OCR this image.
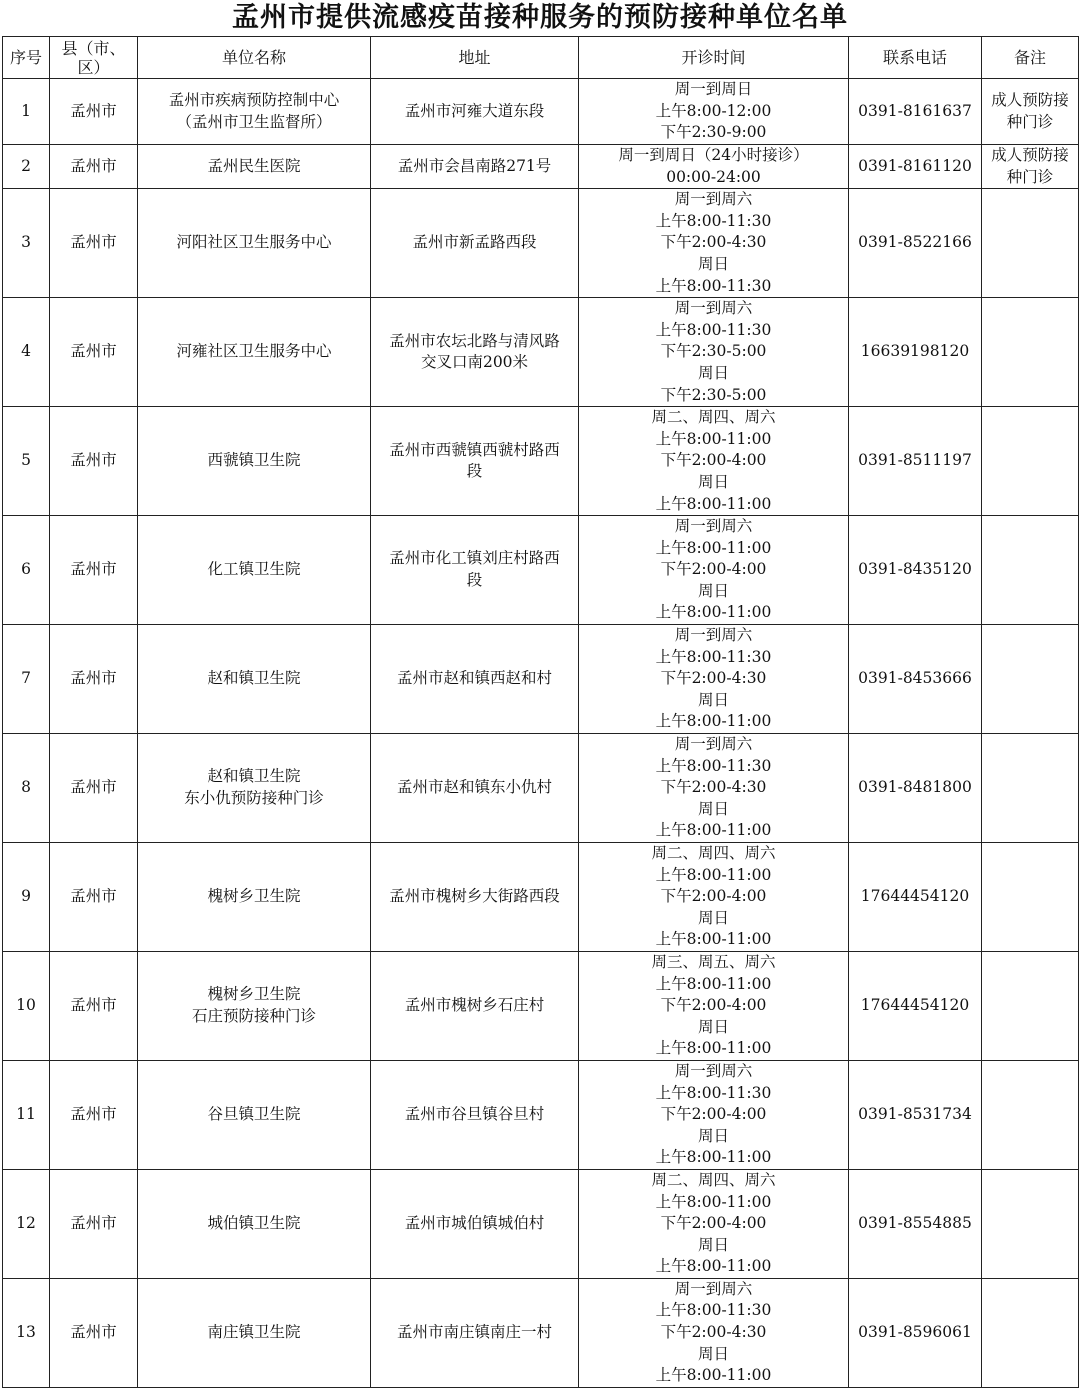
孟州市提供流感疫苗接种服务的预防接种单位名单
序号	县（市、区）	单位名称	地址	开诊时间	联系电话	备注
1	孟州市	孟州市疾病预防控制中心
（孟州市卫生监督所）	孟州市河雍大道东段	周一到周日
上午8:00-12:00
下午2:30-9:00	0391-8161637	成人预防接
种门诊
2	孟州市	孟州民生医院	孟州市会昌南路271号	周一到周日（24小时接诊）
00:00-24:00	0391-8161120	成人预防接
种门诊
3	孟州市	河阳社区卫生服务中心	孟州市新孟路西段	周一到周六
上午8:00-11:30
下午2:00-4:30
周日
上午8:00-11:30	0391-8522166	
4	孟州市	河雍社区卫生服务中心	孟州市农坛北路与清风路
交叉口南200米	周一到周六
上午8:00-11:30
下午2:30-5:00
周日
下午2:30-5:00	16639198120	
5	孟州市	西虢镇卫生院	孟州市西虢镇西虢村路西
段	周二、周四、周六
上午8:00-11:00
下午2:00-4:00
周日
上午8:00-11:00	0391-8511197	
6	孟州市	化工镇卫生院	孟州市化工镇刘庄村路西
段	周一到周六
上午8:00-11:00
下午2:00-4:00
周日
上午8:00-11:00	0391-8435120	
7	孟州市	赵和镇卫生院	孟州市赵和镇西赵和村	周一到周六
上午8:00-11:30
下午2:00-4:30
周日
上午8:00-11:00	0391-8453666	
8	孟州市	赵和镇卫生院
东小仇预防接种门诊	孟州市赵和镇东小仇村	周一到周六
上午8:00-11:30
下午2:00-4:30
周日
上午8:00-11:00	0391-8481800	
9	孟州市	槐树乡卫生院	孟州市槐树乡大街路西段	周二、周四、周六
上午8:00-11:00
下午2:00-4:00
周日
上午8:00-11:00	17644454120	
10	孟州市	槐树乡卫生院
石庄预防接种门诊	孟州市槐树乡石庄村	周三、周五、周六
上午8:00-11:00
下午2:00-4:00
周日
上午8:00-11:00	17644454120	
11	孟州市	谷旦镇卫生院	孟州市谷旦镇谷旦村	周一到周六
上午8:00-11:30
下午2:00-4:00
周日
上午8:00-11:00	0391-8531734	
12	孟州市	城伯镇卫生院	孟州市城伯镇城伯村	周二、周四、周六
上午8:00-11:00
下午2:00-4:00
周日
上午8:00-11:00	0391-8554885	
13	孟州市	南庄镇卫生院	孟州市南庄镇南庄一村	周一到周六
上午8:00-11:30
下午2:00-4:30
周日
上午8:00-11:00	0391-8596061	
